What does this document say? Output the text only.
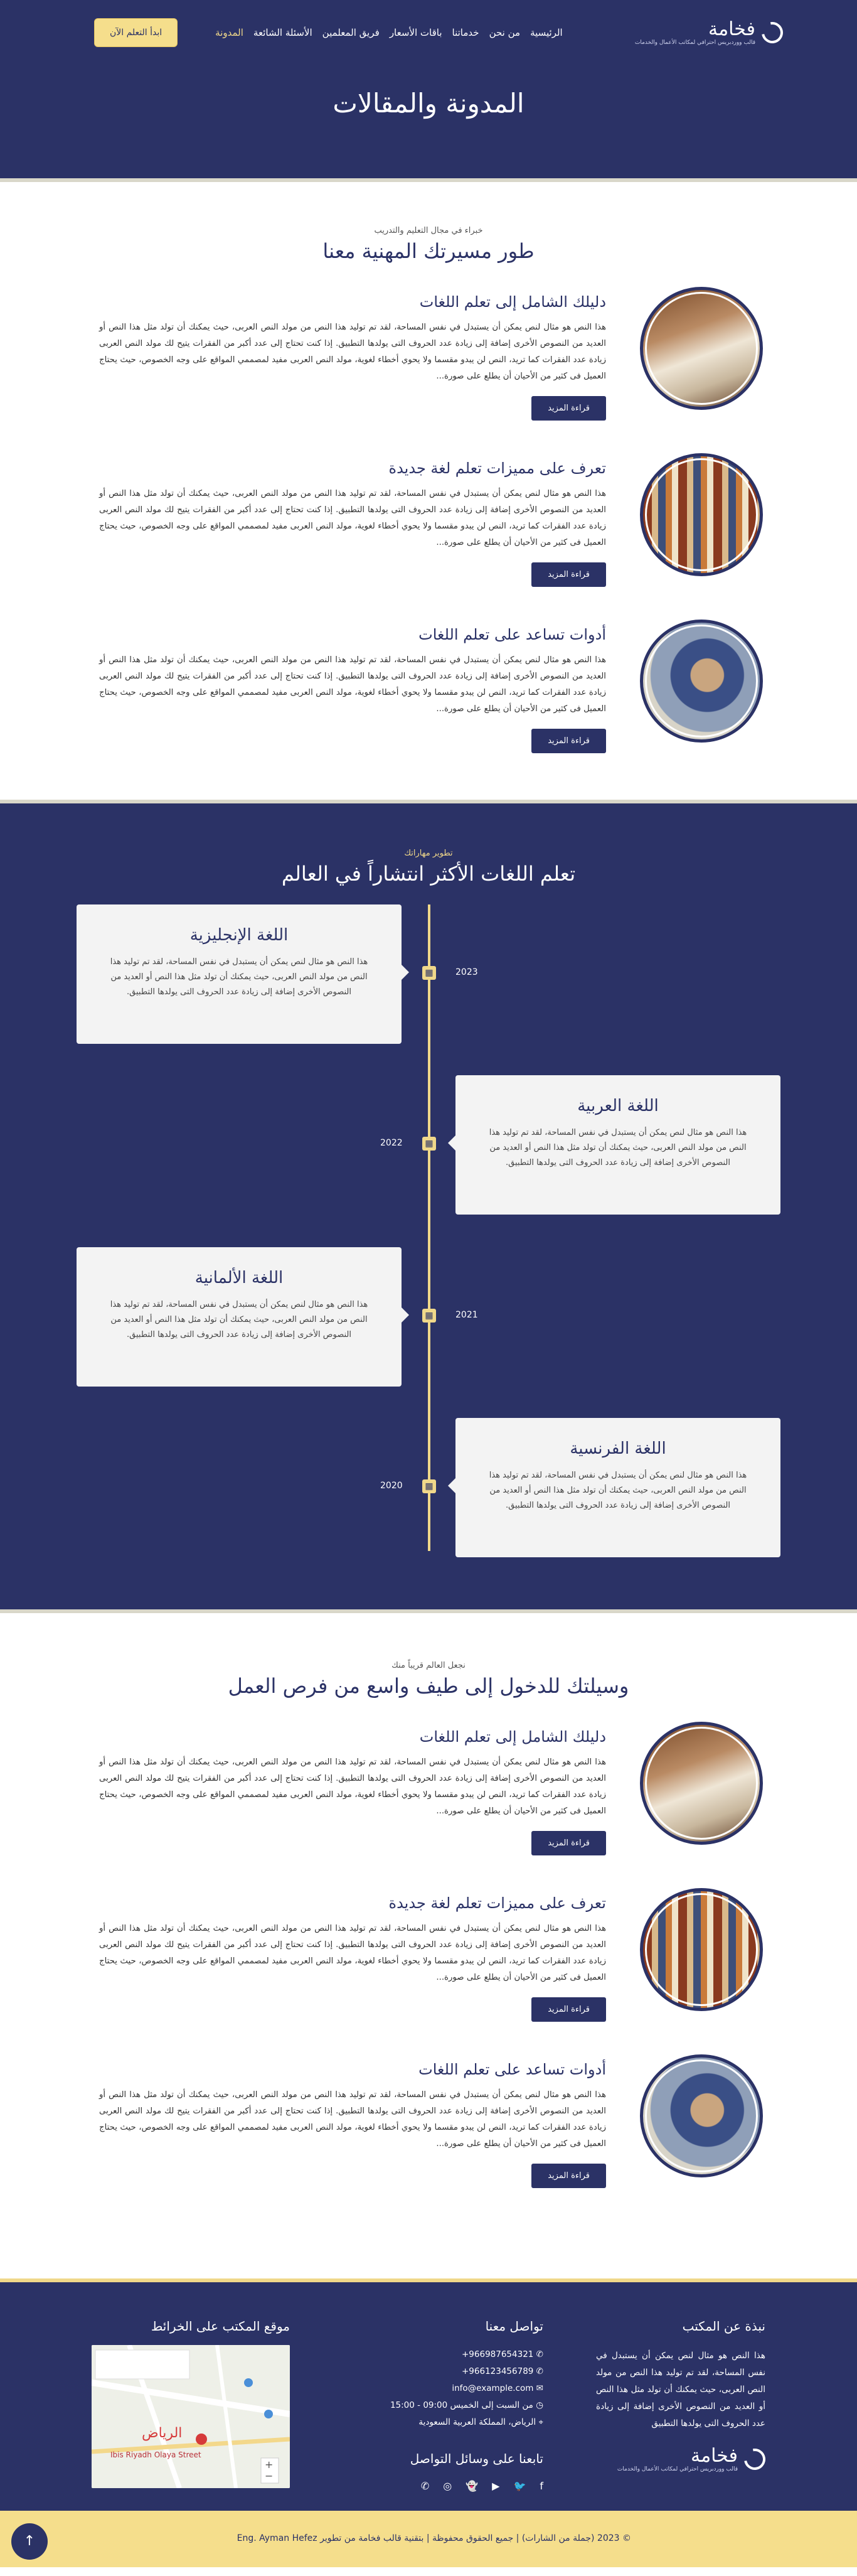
فخامة
قالب ووردبريس احترافي لمكاتب الأعمال والخدمات
الرئيسية
من نحن
خدماتنا
باقات الأسعار
فريق المعلمين
الأسئلة الشائعة
المدونة
ابدأ التعلم الآن
المدونة والمقالات
خبراء في مجال التعليم والتدريب
طور مسيرتك المهنية معنا
دليلك الشامل إلى تعلم اللغات

هذا النص هو مثال لنص يمكن أن يستبدل في نفس المساحة، لقد تم توليد هذا النص من مولد النص العربى، حيث يمكنك أن تولد مثل هذا النص أو العديد من النصوص الأخرى إضافة إلى زيادة عدد الحروف التى يولدها التطبيق. إذا كنت تحتاج إلى عدد أكبر من الفقرات يتيح لك مولد النص العربى زيادة عدد الفقرات كما تريد، النص لن يبدو مقسما ولا يحوي أخطاء لغوية، مولد النص العربى مفيد لمصممي المواقع على وجه الخصوص، حيث يحتاج العميل فى كثير من الأحيان أن يطلع على صورة...

قراءة المزيد
تعرف على مميزات تعلم لغة جديدة

هذا النص هو مثال لنص يمكن أن يستبدل في نفس المساحة، لقد تم توليد هذا النص من مولد النص العربى، حيث يمكنك أن تولد مثل هذا النص أو العديد من النصوص الأخرى إضافة إلى زيادة عدد الحروف التى يولدها التطبيق. إذا كنت تحتاج إلى عدد أكبر من الفقرات يتيح لك مولد النص العربى زيادة عدد الفقرات كما تريد، النص لن يبدو مقسما ولا يحوي أخطاء لغوية، مولد النص العربى مفيد لمصممي المواقع على وجه الخصوص، حيث يحتاج العميل فى كثير من الأحيان أن يطلع على صورة...

قراءة المزيد
أدوات تساعد على تعلم اللغات

هذا النص هو مثال لنص يمكن أن يستبدل في نفس المساحة، لقد تم توليد هذا النص من مولد النص العربى، حيث يمكنك أن تولد مثل هذا النص أو العديد من النصوص الأخرى إضافة إلى زيادة عدد الحروف التى يولدها التطبيق. إذا كنت تحتاج إلى عدد أكبر من الفقرات يتيح لك مولد النص العربى زيادة عدد الفقرات كما تريد، النص لن يبدو مقسما ولا يحوي أخطاء لغوية، مولد النص العربى مفيد لمصممي المواقع على وجه الخصوص، حيث يحتاج العميل فى كثير من الأحيان أن يطلع على صورة...

قراءة المزيد
تطوير مهاراتك
تعلم اللغات الأكثر انتشاراً في العالم
اللغة الإنجليزية

هذا النص هو مثال لنص يمكن أن يستبدل في نفس المساحة، لقد تم توليد هذا النص من مولد النص العربى، حيث يمكنك أن تولد مثل هذا النص أو العديد من النصوص الأخرى إضافة إلى زيادة عدد الحروف التى يولدها التطبيق.

▦	2023
اللغة العربية

هذا النص هو مثال لنص يمكن أن يستبدل في نفس المساحة، لقد تم توليد هذا النص من مولد النص العربى، حيث يمكنك أن تولد مثل هذا النص أو العديد من النصوص الأخرى إضافة إلى زيادة عدد الحروف التى يولدها التطبيق.

▦
2022
اللغة الألمانية

هذا النص هو مثال لنص يمكن أن يستبدل في نفس المساحة، لقد تم توليد هذا النص من مولد النص العربى، حيث يمكنك أن تولد مثل هذا النص أو العديد من النصوص الأخرى إضافة إلى زيادة عدد الحروف التى يولدها التطبيق.

▦	2021
اللغة الفرنسية

هذا النص هو مثال لنص يمكن أن يستبدل في نفس المساحة، لقد تم توليد هذا النص من مولد النص العربى، حيث يمكنك أن تولد مثل هذا النص أو العديد من النصوص الأخرى إضافة إلى زيادة عدد الحروف التى يولدها التطبيق.

▦
2020
نجعل العالم قريباً منك
وسيلتك للدخول إلى طيف واسع من فرص العمل
دليلك الشامل إلى تعلم اللغات

هذا النص هو مثال لنص يمكن أن يستبدل في نفس المساحة، لقد تم توليد هذا النص من مولد النص العربى، حيث يمكنك أن تولد مثل هذا النص أو العديد من النصوص الأخرى إضافة إلى زيادة عدد الحروف التى يولدها التطبيق. إذا كنت تحتاج إلى عدد أكبر من الفقرات يتيح لك مولد النص العربى زيادة عدد الفقرات كما تريد، النص لن يبدو مقسما ولا يحوي أخطاء لغوية، مولد النص العربى مفيد لمصممي المواقع على وجه الخصوص، حيث يحتاج العميل فى كثير من الأحيان أن يطلع على صورة...

قراءة المزيد
تعرف على مميزات تعلم لغة جديدة

هذا النص هو مثال لنص يمكن أن يستبدل في نفس المساحة، لقد تم توليد هذا النص من مولد النص العربى، حيث يمكنك أن تولد مثل هذا النص أو العديد من النصوص الأخرى إضافة إلى زيادة عدد الحروف التى يولدها التطبيق. إذا كنت تحتاج إلى عدد أكبر من الفقرات يتيح لك مولد النص العربى زيادة عدد الفقرات كما تريد، النص لن يبدو مقسما ولا يحوي أخطاء لغوية، مولد النص العربى مفيد لمصممي المواقع على وجه الخصوص، حيث يحتاج العميل فى كثير من الأحيان أن يطلع على صورة...

قراءة المزيد
أدوات تساعد على تعلم اللغات

هذا النص هو مثال لنص يمكن أن يستبدل في نفس المساحة، لقد تم توليد هذا النص من مولد النص العربى، حيث يمكنك أن تولد مثل هذا النص أو العديد من النصوص الأخرى إضافة إلى زيادة عدد الحروف التى يولدها التطبيق. إذا كنت تحتاج إلى عدد أكبر من الفقرات يتيح لك مولد النص العربى زيادة عدد الفقرات كما تريد، النص لن يبدو مقسما ولا يحوي أخطاء لغوية، مولد النص العربى مفيد لمصممي المواقع على وجه الخصوص، حيث يحتاج العميل فى كثير من الأحيان أن يطلع على صورة...

قراءة المزيد
نبذة عن المكتب

هذا النص هو مثال لنص يمكن أن يستبدل في نفس المساحة، لقد تم توليد هذا النص من مولد النص العربى، حيث يمكنك أن تولد مثل هذا النص أو العديد من النصوص الأخرى إضافة إلى زيادة عدد الحروف التى يولدها التطبيق

فخامة
قالب ووردبريس احترافي لمكاتب الأعمال والخدمات
تواصل معنا
✆ +966987654321
✆ +966123456789
✉ info@example.com
◷ من السبت إلى الخميس 09:00 - 15:00
⌖ الرياض، المملكة العربية السعودية
تابعنا على وسائل التواصل
f
🐦
▶
👻
◎
✆
موقع المكتب على الخرائط
الرياض
Ibis Riyadh Olaya Street
+
−
© 2023 (جملة من الشارات) | جميع الحقوق محفوظة | بتقنية قالب فخامة من تطوير Eng. Ayman Hefez
↑
